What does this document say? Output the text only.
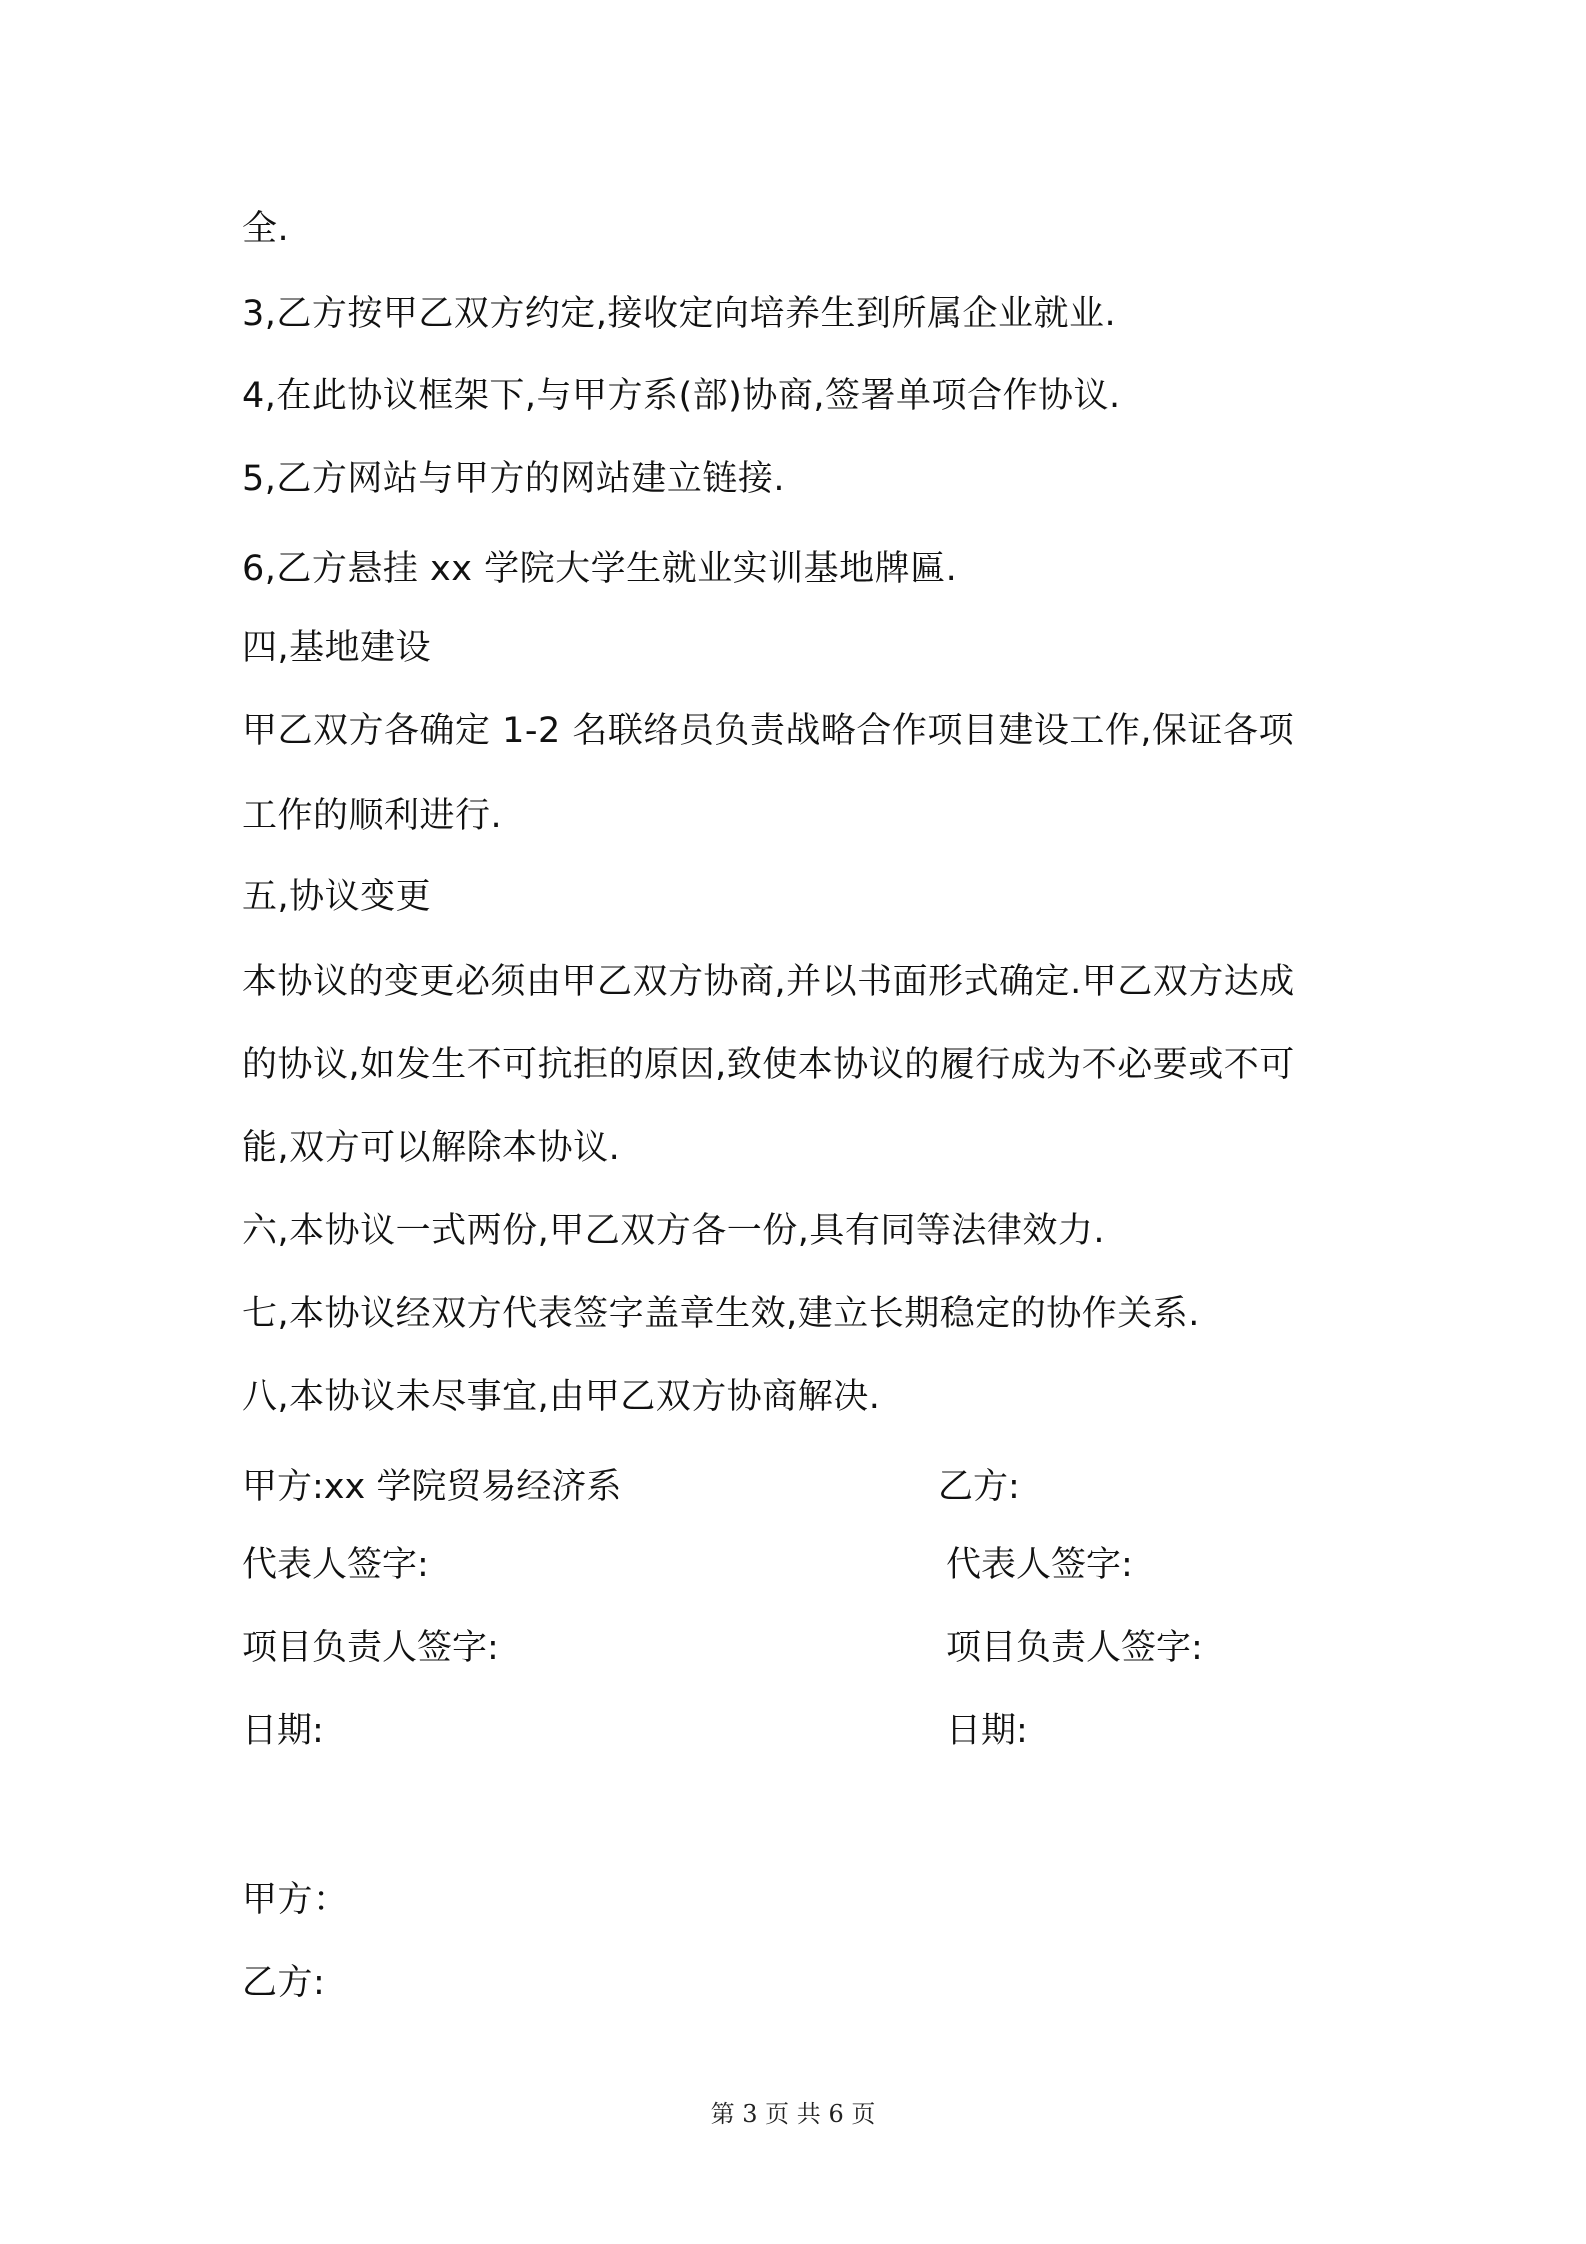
全.

3,乙方按甲乙双方约定,接收定向培养生到所属企业就业.

4,在此协议框架下,与甲方系(部)协商,签署单项合作协议.

5,乙方网站与甲方的网站建立链接.

6,乙方悬挂 xx 学院大学生就业实训基地牌匾.

四,基地建设

甲乙双方各确定 1-2 名联络员负责战略合作项目建设工作,保证各项

工作的顺利进行.

五,协议变更

本协议的变更必须由甲乙双方协商,并以书面形式确定.甲乙双方达成

的协议,如发生不可抗拒的原因,致使本协议的履行成为不必要或不可

能,双方可以解除本协议.

六,本协议一式两份,甲乙双方各一份,具有同等法律效力.

七,本协议经双方代表签字盖章生效,建立长期稳定的协作关系.

八,本协议未尽事宜,由甲乙双方协商解决.

甲方:xx 学院贸易经济系	乙方:

代表人签字:	代表人签字:

项目负责人签字:	项目负责人签字:

日期:	日期:

甲方：

乙方:

第 3 页 共 6 页
